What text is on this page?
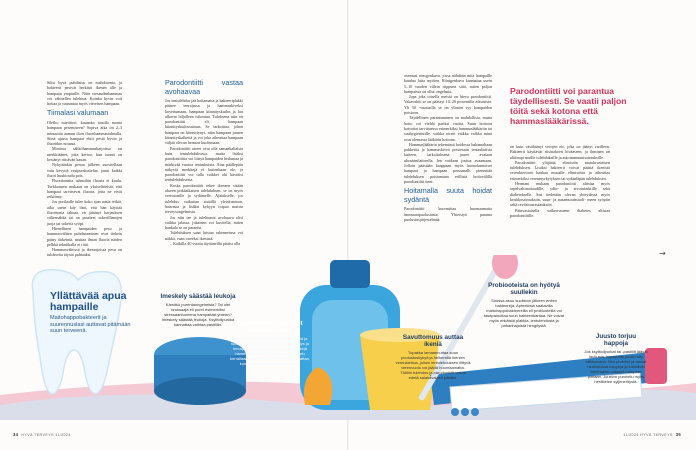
Siksi hyvä puhdistus on mahdotonta, ja bakteerit pesivät herkästi ikenen alle ja hampaan ympärille. Näin viesaudenhammas voi vähitellen tulehtua. Kuinka hyvin voit hoitaa ja vaarantaa myös viereisen hampaan.

Tiimalasi valumaan

Olefko mietitteri, kuuanko sinulla monta hampaan pesemiseen? Sopiva aika on 2–3 minuuttia aamun ilton fluorihammastahnalla. Siinä ajassa hampaat ehtii pestä hyvin ja fluoritkin nousua.

Monissa sähköhammasharjoissa on merkkiäänet, joka kertoo, kun tunnit on kestänyt riittävän kauan.

Nykyäänkin pesun jälkeen suositellaan vain kevyttä vesipurskuttelua, jonni kaikki fluori huuhtoudu pois.

Fluoritonnita tahnoihin fluoria ei kuulu. Turkkonnen mukaan on yksiselitteistä, että hampaat tarvitsevat fluoria, joita ne eivät reikiinny.

Jos porilaalle tulee koko ajan uusia reikiä, aika usein käy ilmi, että hän käyttää fluoritonta tahnaa, en jättänyt harjauksen väliensähkä tai on puutteet sokerillimojen juoja tai sokeria syöpi.

Hienellinen hampaiden pesu ja hammasväliten puhdistaminen ovat tärkein pääsy tärkeintä, muttaa ilman fluoria näiden pelkkä tekniikalla ei riitä.

Hammasväleissä ja ikenrajoissa pesu on tuloksetta täysin puhtaaksi.

Parodontiitti vastaa avohaavaa

Jos ientulehdus jää hoitamatta ja bakteeriplakki pääsee ienrajassa ja hammaskiveksi kovettumaan, hampaan kiinnityskudos ja luu alkavat hiljalleen tuhoutua. Tuloksena niin on parodontiitti eli hampaan kiinnityskudossairaus. Se tarkoittaa, johon hampaat on kiinnittynyt, näin hampaan juuren kiinnityskalkettä ja voi joka aiheuttaa hampaan väljää olevan hermon kuolemaan.

Parodontiitti oireet ovat olla samankaltaisia kuin ientulehduksissa, mutta lisäksi parodontiittia voi liittyä hampaiden heiluntaa ja märkivää vuotoa ientaskuista. Aina päällepäin näkyviä merkkejä ei kuitenkaan ole, ja parodontiitti voi tulla vaikkei ohi käviäisi ientulehduksesta.

Koska parodontiitti tekee ikeneen sisään alueen pitkäaikaisen tulehduksen, se on myös verisuonille ja sydämelle. Ajatukselle, jos tulehdus vaikuttaa sisäällä yleiskuntoon, haavasta ja lisäksi kykyyn toipua muista terveysongelmista.

Jos niin tee ja tulehtunut avohaava olisi vaikka jalassa, jokainen voi kuvitella, miten hankala se on paranisi.

Tulehduksen saan luistaa rakennetusa voi näkkä, vaan oireeksi ikenistä.

– Kaikilla 40 vuotta täyttäneillä pitäisi olla

osemusi rönsgenkuva, jossa nähdään mitä hampaille kaudua luita myöten. Röntgenkuva kannattaa usein 5–10 vuoden välein riippuen siitä, miten paljon hampaissa on ollut ongelmia.

Jopa joka toisella meistä on hieva parodontiitti. Vakavakiti se on päässyt 10–20 prosentilla aikuisista. Yli 50 -vuotiailla se on ylintön syy hampaiden poistoon.

Täydellinen parantuminen on mahdollista, mutta hoito voi vieldä pariksi vuotta. Suun hoitoon kaivattai tarvittaessa esimerkiksi hammaslääkäriin tai suuhygienistille, vaikka oireet vaikka vaikka minä ovat olemassa lääkärin hoitona.

Hammaslääkärin tekemässä hoidossa hakamaltaan pakkettia ja hammaskiveä poistetaan ientaskuiista kuiteen, tarkoituksena juuret avataan ultraäänilaitteella. Ien voidaan joutua avaamaan. Jolloin päästään kaappaan myös huonokuntoiset hampaat ja hampaan perusmalli pienentää tulehduksen poistamaan erillistä hoitovälillä parodontiitti tieni.

Hoitamalla suuta hoidat sydäntä

Parodontiitti kuormittaa huomaamatta immuunipuolustusta. Yhteistyö paranta puolustusjärjestelmää

Parodontiitti voi parantua täydellisesti. Se vaatii paljon töitä sekä kotona että hammaslääkärissä.

on kuin väsähtänyt verojen etc, joka on jäänyt varilleen. Bakteerit käyttävät riisinakoen hivääseen, ja ihminen on alttiimpi muille tulehduksille ja autoimmuunisairauksille.

Parodontiitti yliijätää elimistön matala-asteisen tulehduksen. Lisäksi bakteerit voivat päästä ikenistä verenkiertoon kaukaa muualle elimistöön ja aiheuttaa esimerkiksi verenmyrkytyksen tai sydänläpän tulehduksen.

Hermani mukaan parodontiitti altistaa myös sepelvaltimotaudille, ydin- ja aivoinfarktille sekä diabetekselle. Sen tiedetään olevan yhteydessä myös keuhkosairauksiin, suun- ja nasamuiuissuoli- meen syöpiin sekä ravitsitusrautauksiin.

Päinvastaisella vaikea-asteen diabetes altistaa parodontiitille.

→
Yllättävää apua hampaille
Maitohappobakteerit ja suurennuslasi auttavat pitämään suun terveenä.
Imeskely säästää leukoja
Kärsitkö purentaongelmista? Tai olet bruksaaja eli puret esimerkiksi stressaantuneena hampaitasi yhteen? Imeskely säästää leukoja. Ksylitolipurkka kannattaa vaihtaa pastilliin.	Suurennuslasilla näet hammaskiven
Käytä hyvää valoa ja suurentavaa peiliä ja tutki ikenet ja hampaiden pinnat. Kellertys ja ienrajan tumma värjäytymä ovat merkkejä hammaskivestä. Kiekeen on tunnustelu kerrallaan. Hammaskivi kannattaa poistattaa, koska se altistaa ientulehdukselle.
Savuttomuus auttaa ikeniä
Tupakka lamaannuttaa suun puolustuskykyä ja heikentää ikenien verenkiertoa, jolloin ientulehduksen liittyvä verenvuoto voi jäädä huomaamatta. Tällöin tulehdus ja parodontiitti voivat edetä salakavalasti pitkälle.
Probiooteista on hyötyä suullekin
Suussa asuu suoliston jälkeen eniten bakteereja. Apteekista saatavilla maitohappobakteereilla eli probiooteilla voi tasapainottaa suun bakteerikantaa. Ne voivat myös ehkäistä plakkia, ientulehdusta ja pahanhajuista hengitystä.
Juusto torjuu happoja
Jos ksylitolipurkat tai -pastillit jäävät laukusta, kypsytetty juusto käy hätävarana. Sen proteiini ja rasvat neutraloivat happoja ja edistävät mineraalien pääsyä hampaan pintaan. Juuston puruteliu myös herättelee syljeneritystä.
34 HYVÄ TERVEYS 11/2024	11/2024 HYVÄ TERVEYS 35
